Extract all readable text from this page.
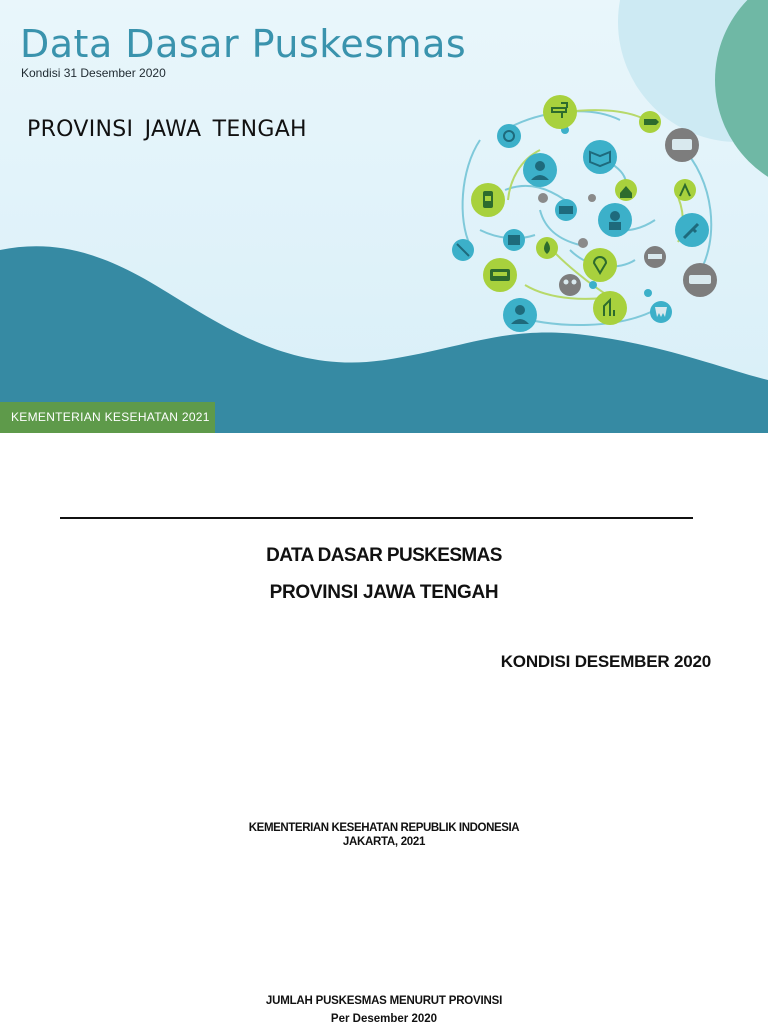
Data Dasar Puskesmas
Kondisi 31 Desember 2020
PROVINSI JAWA TENGAH
KEMENTERIAN KESEHATAN 2021
DATA DASAR PUSKESMAS
PROVINSI JAWA TENGAH
KONDISI DESEMBER 2020
KEMENTERIAN KESEHATAN REPUBLIK INDONESIA
JAKARTA, 2021
JUMLAH PUSKESMAS MENURUT PROVINSI
Per Desember 2020
